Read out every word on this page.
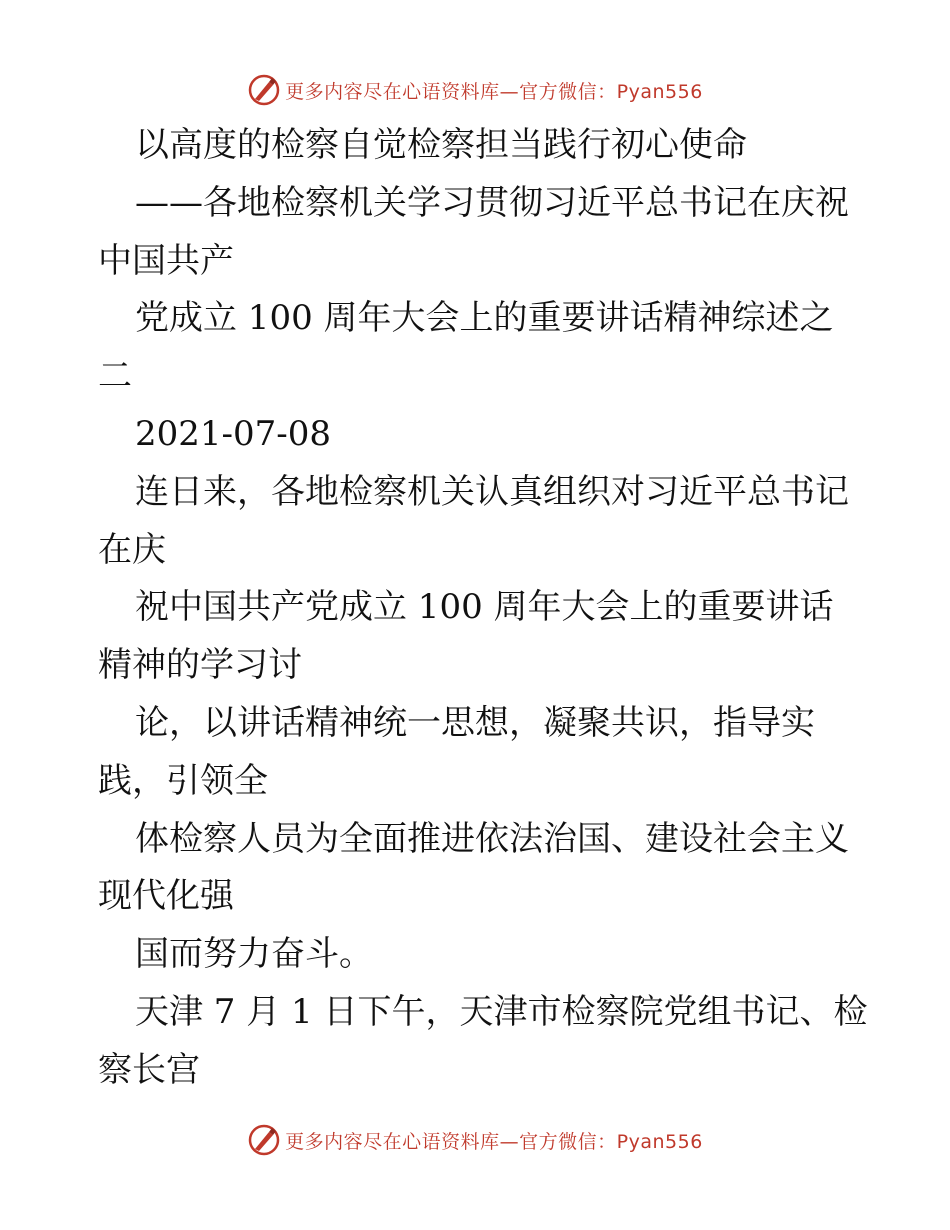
更多内容尽在心语资料库—官方微信：Pyan556
以高度的检察自觉检察担当践行初心使命
——各地检察机关学习贯彻习近平总书记在庆祝
中国共产
党成立 100 周年大会上的重要讲话精神综述之
二
2021-07-08
连日来，各地检察机关认真组织对习近平总书记
在庆
祝中国共产党成立 100 周年大会上的重要讲话
精神的学习讨
论，以讲话精神统一思想，凝聚共识，指导实
践，引领全
体检察人员为全面推进依法治国、建设社会主义
现代化强
国而努力奋斗。
天津 7 月 1 日下午，天津市检察院党组书记、检
察长宫
更多内容尽在心语资料库—官方微信：Pyan556
